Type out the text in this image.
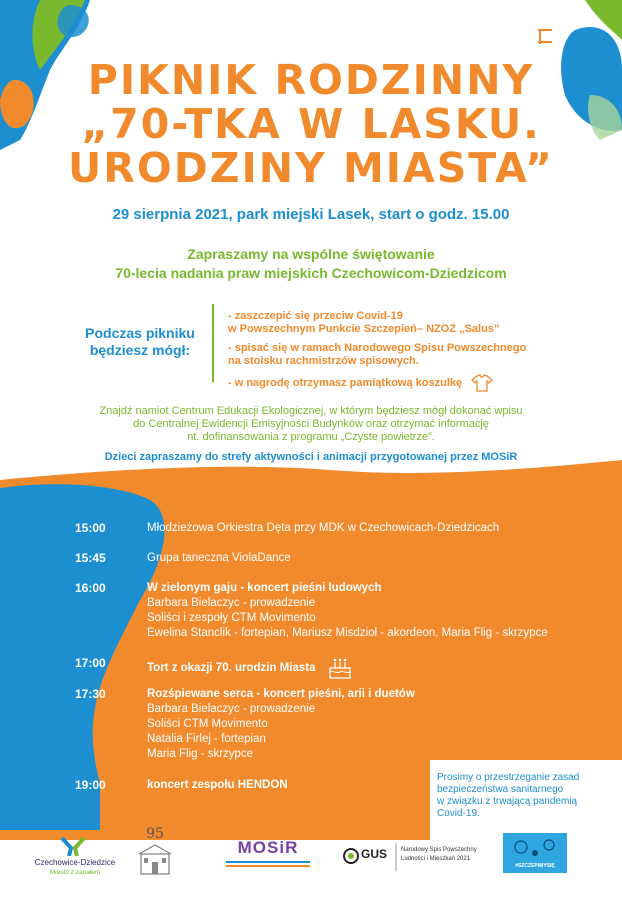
PIKNIK RODZINNY
„70-TKA W LASKU.
URODZINY MIASTA”
29 sierpnia 2021, park miejski Lasek, start o godz. 15.00
Zapraszamy na wspólne świętowanie
70-lecia nadania praw miejskich Czechowicom-Dziedzicom
Podczas pikniku
będziesz mógł:
- zaszczepić się przeciw Covid-19
w Powszechnym Punkcie Szczepień– NZOZ „Salus”
- spisać się w ramach Narodowego Spisu Powszechnego
na stoisku rachmistrzów spisowych.
- w nagrodę otrzymasz pamiątkową koszulkę
Znajdź namiot Centrum Edukacji Ekologicznej, w którym będziesz mógł dokonać wpisu
do Centralnej Ewidencji Emisyjności Budynków oraz otrzymać informację
nt. dofinansowania z programu „Czyste powietrze”.
Dzieci zapraszamy do strefy aktywności i animacji przygotowanej przez MOSiR
15:00	Młodzieżowa Orkiestra Dęta przy MDK w Czechowicach-Dziedzicach
15:45	Grupa taneczna ViolaDance
16:00	W zielonym gaju - koncert pieśni ludowych
Barbara Bielaczyc - prowadzenie
Soliści i zespoły CTM Movimento
Ewelina Stanclik - fortepian, Mariusz Misdzioł - akordeon, Maria Flig - skrzypce
17:00	Tort z okazji 70. urodzin Miasta
17:30	Rozśpiewane serca - koncert pieśni, arii i duetów
Barbara Bielaczyc - prowadzenie
Soliści CTM Movimento
Natalia Firlej - fortepian
Maria Flig - skrzypce
19:00	koncert zespołu HENDON
Prosimy o przestrzeganie zasad
bezpieczeństwa sanitarnego
w związku z trwającą pandemią
Covid-19.
Czechowice-Dziedzice
Miasto z zapałem
95
MOSiR	GUS Narodowy Spis Powszechny
Ludności i Mieszkań 2021
#SZCZEPIMYSIĘ
